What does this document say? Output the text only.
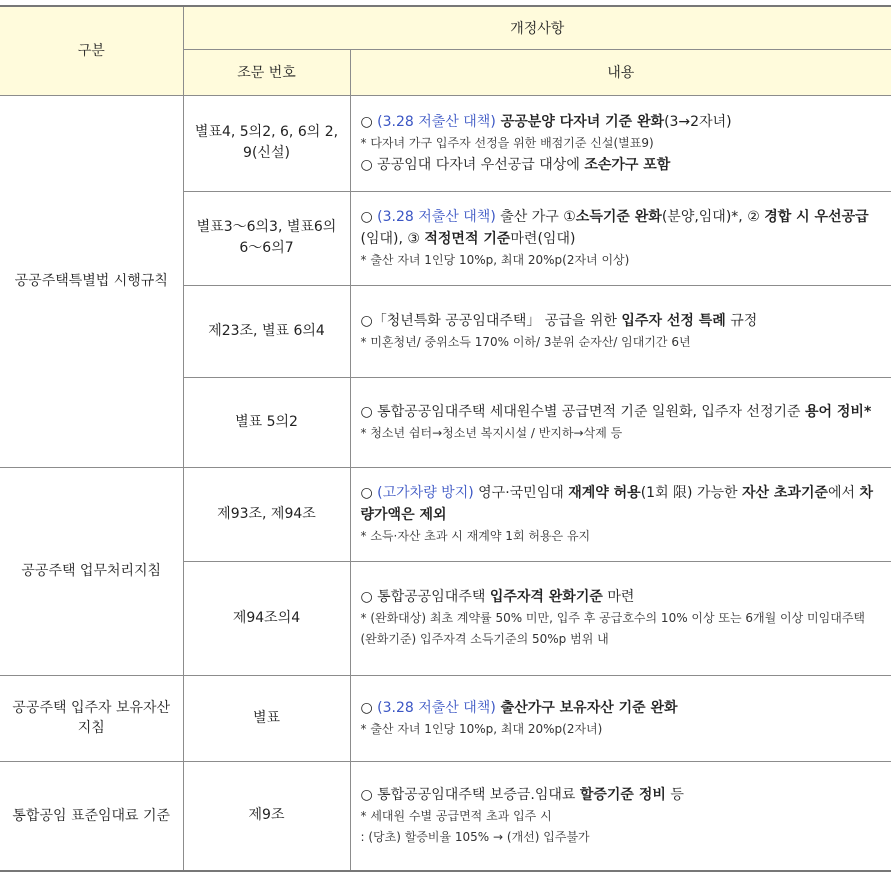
구분	개정사항	
	조문 번호	내용
공공주택특별법 시행규칙	별표4, 5의2, 6, 6의 2, 9(신설)	○ (3.28 저출산 대책) 공공분양 다자녀 기준 완화(3→2자녀)
* 다자녀 가구 입주자 선정을 위한 배점기준 신설(별표9)
○ 공공임대 다자녀 우선공급 대상에 조손가구 포함

	별표3～6의3, 별표6의6～6의7	○ (3.28 저출산 대책) 출산 가구 ①소득기준 완화(분양,임대)*, ② 경합 시 우선공급(임대), ③ 적정면적 기준마련(임대)
* 출산 자녀 1인당 10%p, 최대 20%p(2자녀 이상)

	제23조, 별표 6의4	○「청년특화 공공임대주택」 공급을 위한 입주자 선정 특례 규정
* 미혼청년/ 중위소득 170% 이하/ 3분위 순자산/ 임대기간 6년

	별표 5의2	○ 통합공공임대주택 세대원수별 공급면적 기준 일원화, 입주자 선정기준 용어 정비*
* 청소년 쉼터→청소년 복지시설 / 반지하→삭제 등

공공주택 업무처리지침	제93조, 제94조	○ (고가차량 방지) 영구·국민임대 재계약 허용(1회 限) 가능한 자산 초과기준에서 차량가액은 제외
* 소득·자산 초과 시 재계약 1회 허용은 유지

	제94조의4	○ 통합공공임대주택 입주자격 완화기준 마련
* (완화대상) 최초 계약률 50% 미만, 입주 후 공급호수의 10% 이상 또는 6개월 이상 미임대주택
(완화기준) 입주자격 소득기준의 50%p 범위 내

공공주택 입주자 보유자산지침	별표	○ (3.28 저출산 대책) 출산가구 보유자산 기준 완화
* 출산 자녀 1인당 10%p, 최대 20%p(2자녀)

통합공임 표준임대료 기준	제9조	○ 통합공공임대주택 보증금.임대료 할증기준 정비 등
* 세대원 수별 공급면적 초과 입주 시
: (당초) 할증비율 105% → (개선) 입주불가
